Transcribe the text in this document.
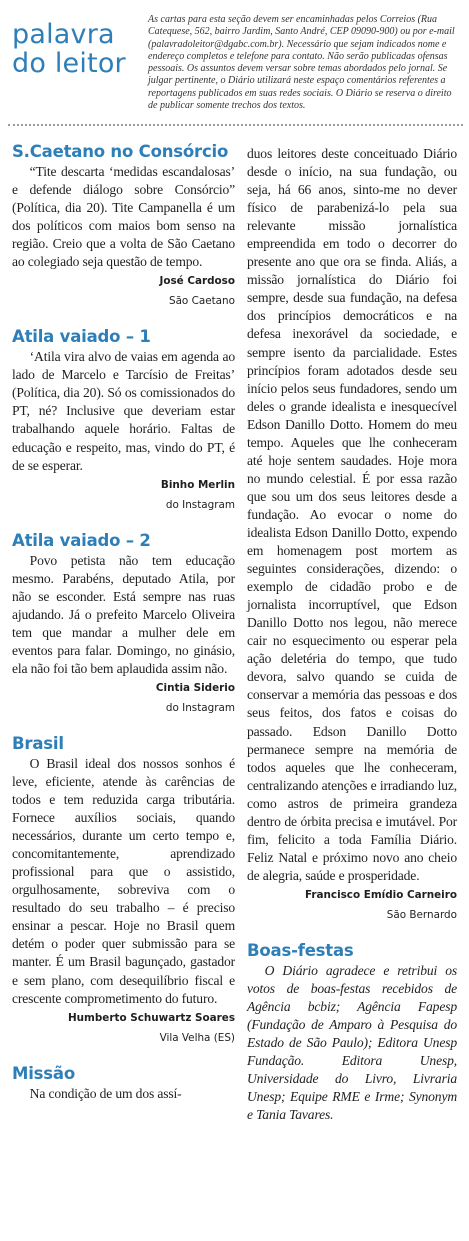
palavra
do leitor
As cartas para esta seção devem ser encaminhadas pelos Correios (Rua Catequese, 562, bairro Jardim, Santo André, CEP 09090-900) ou por e-mail (palavradoleitor@dgabc.com.br). Necessário que sejam indicados nome e endereço completos e telefone para contato. Não serão publicadas ofensas pessoais. Os assuntos devem versar sobre temas abordados pelo jornal. Se julgar pertinente, o Diário utilizará neste espaço comentários referentes a reportagens publicados em suas redes sociais. O Diário se reserva o direito de publicar somente trechos dos textos.
S.Caetano no Consórcio

“Tite descarta ‘medidas escandalosas’ e defende diálogo sobre Consórcio” (Política, dia 20). Tite Campanella é um dos políticos com maios bom senso na região. Creio que a volta de São Caetano ao colegiado seja questão de tempo.

José Cardoso
São Caetano
Atila vaiado – 1

‘Atila vira alvo de vaias em agenda ao lado de Marcelo e Tarcísio de Freitas’ (Política, dia 20). Só os comissionados do PT, né? Inclusive que deveriam estar trabalhando aquele horário. Faltas de educação e respeito, mas, vindo do PT, é de se esperar.

Binho Merlin
do Instagram
Atila vaiado – 2

Povo petista não tem educação mesmo. Parabéns, deputado Atila, por não se esconder. Está sempre nas ruas ajudando. Já o prefeito Marcelo Oliveira tem que mandar a mulher dele em eventos para falar. Domingo, no ginásio, ela não foi tão bem aplaudida assim não.

Cintia Siderio
do Instagram
Brasil

O Brasil ideal dos nossos sonhos é leve, eficiente, atende às carências de todos e tem reduzida carga tributária. Fornece auxílios sociais, quando necessários, durante um certo tempo e, concomitantemente, aprendizado profissional para que o assistido, orgulhosamente, sobreviva com o resultado do seu trabalho – é preciso ensinar a pescar. Hoje no Brasil quem detém o poder quer submissão para se manter. É um Brasil bagunçado, gastador e sem plano, com desequilíbrio fiscal e crescente comprometimento do futuro.

Humberto Schuwartz Soares
Vila Velha (ES)
Missão

Na condição de um dos assí-

duos leitores deste conceituado Diário desde o início, na sua fundação, ou seja, há 66 anos, sinto-me no dever físico de parabenizá-lo pela sua relevante missão jornalística empreendida em todo o decorrer do presente ano que ora se finda. Aliás, a missão jornalística do Diário foi sempre, desde sua fundação, na defesa dos princípios democráticos e na defesa inexorável da sociedade, e sempre isento da parcialidade. Estes princípios foram adotados desde seu início pelos seus fundadores, sendo um deles o grande idealista e inesquecível Edson Danillo Dotto. Homem do meu tempo. Aqueles que lhe conheceram até hoje sentem saudades. Hoje mora no mundo celestial. É por essa razão que sou um dos seus leitores desde a fundação. Ao evocar o nome do idealista Edson Danillo Dotto, expendo em homenagem post mortem as seguintes considerações, dizendo: o exemplo de cidadão probo e de jornalista incorruptível, que Edson Danillo Dotto nos legou, não merece cair no esquecimento ou esperar pela ação deletéria do tempo, que tudo devora, salvo quando se cuida de conservar a memória das pessoas e dos seus feitos, dos fatos e coisas do passado. Edson Danillo Dotto permanece sempre na memória de todos aqueles que lhe conheceram, centralizando atenções e irradiando luz, como astros de primeira grandeza dentro de órbita precisa e imutável. Por fim, felicito a toda Família Diário. Feliz Natal e próximo novo ano cheio de alegria, saúde e prosperidade.

Francisco Emídio Carneiro
São Bernardo
Boas-festas

O Diário agradece e retribui os votos de boas-festas recebidos de Agência bcbiz; Agência Fapesp (Fundação de Amparo à Pesquisa do Estado de São Paulo); Editora Unesp Fundação. Editora Unesp, Universidade do Livro, Livraria Unesp; Equipe RME e Irme; Synonym e Tania Tavares.
